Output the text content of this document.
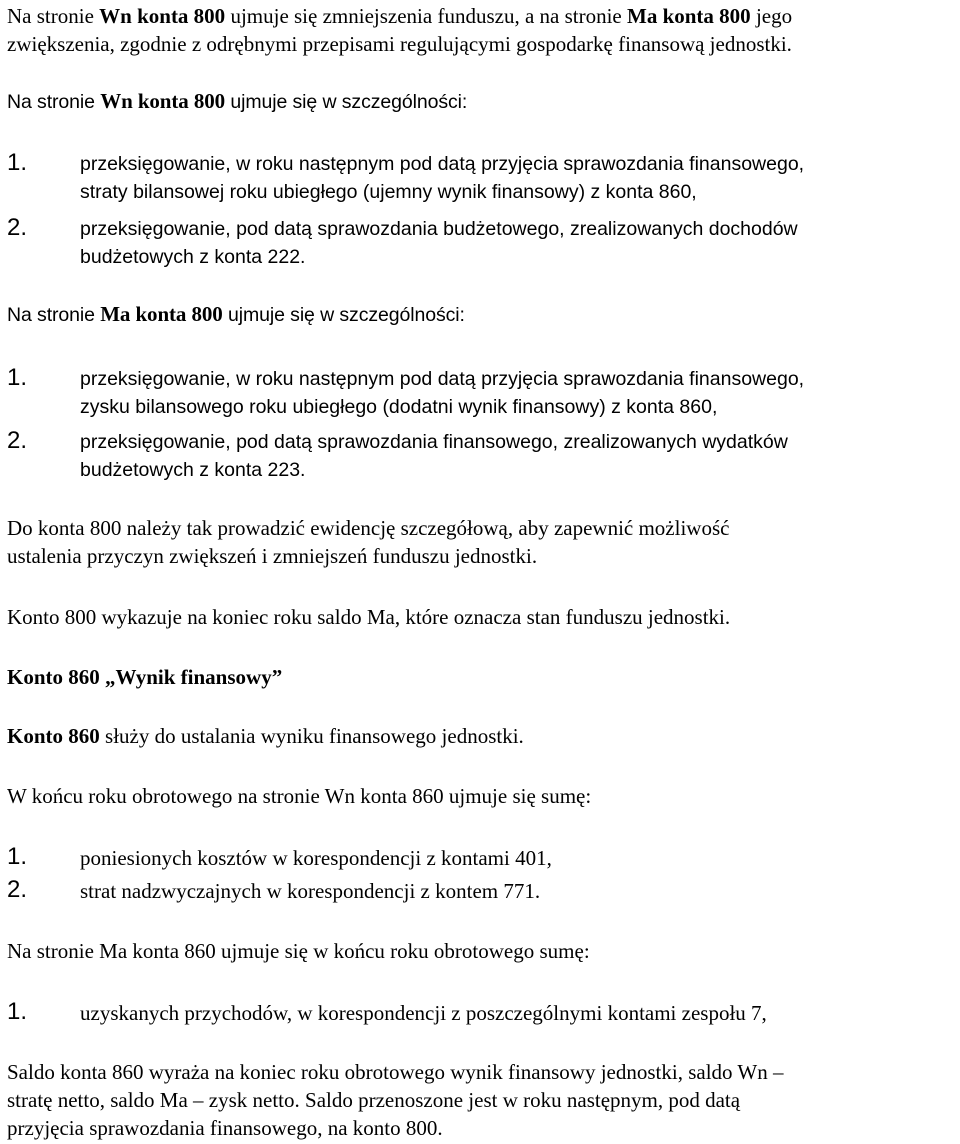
Na stronie Wn konta 800 ujmuje się zmniejszenia funduszu, a na stronie Ma konta 800 jego
zwiększenia, zgodnie z odrębnymi przepisami regulującymi gospodarkę finansową jednostki.
Na stronie Wn konta 800 ujmuje się w szczególności:
1.	przeksięgowanie, w roku następnym pod datą przyjęcia sprawozdania finansowego,
straty bilansowej roku ubiegłego (ujemny wynik finansowy) z konta 860,
2.	przeksięgowanie, pod datą sprawozdania budżetowego, zrealizowanych dochodów
budżetowych z konta 222.
Na stronie Ma konta 800 ujmuje się w szczególności:
1.	przeksięgowanie, w roku następnym pod datą przyjęcia sprawozdania finansowego,
zysku bilansowego roku ubiegłego (dodatni wynik finansowy) z konta 860,
2.	przeksięgowanie, pod datą sprawozdania finansowego, zrealizowanych wydatków
budżetowych z konta 223.
Do konta 800 należy tak prowadzić ewidencję szczegółową, aby zapewnić możliwość
ustalenia przyczyn zwiększeń i zmniejszeń funduszu jednostki.
Konto 800 wykazuje na koniec roku saldo Ma, które oznacza stan funduszu jednostki.
Konto 860 „Wynik finansowy”
Konto 860 służy do ustalania wyniku finansowego jednostki.
W końcu roku obrotowego na stronie Wn konta 860 ujmuje się sumę:
1.	poniesionych kosztów w korespondencji z kontami 401,
2.	strat nadzwyczajnych w korespondencji z kontem 771.
Na stronie Ma konta 860 ujmuje się w końcu roku obrotowego sumę:
1.	uzyskanych przychodów, w korespondencji z poszczególnymi kontami zespołu 7,
Saldo konta 860 wyraża na koniec roku obrotowego wynik finansowy jednostki, saldo Wn –
stratę netto, saldo Ma – zysk netto. Saldo przenoszone jest w roku następnym, pod datą
przyjęcia sprawozdania finansowego, na konto 800.
